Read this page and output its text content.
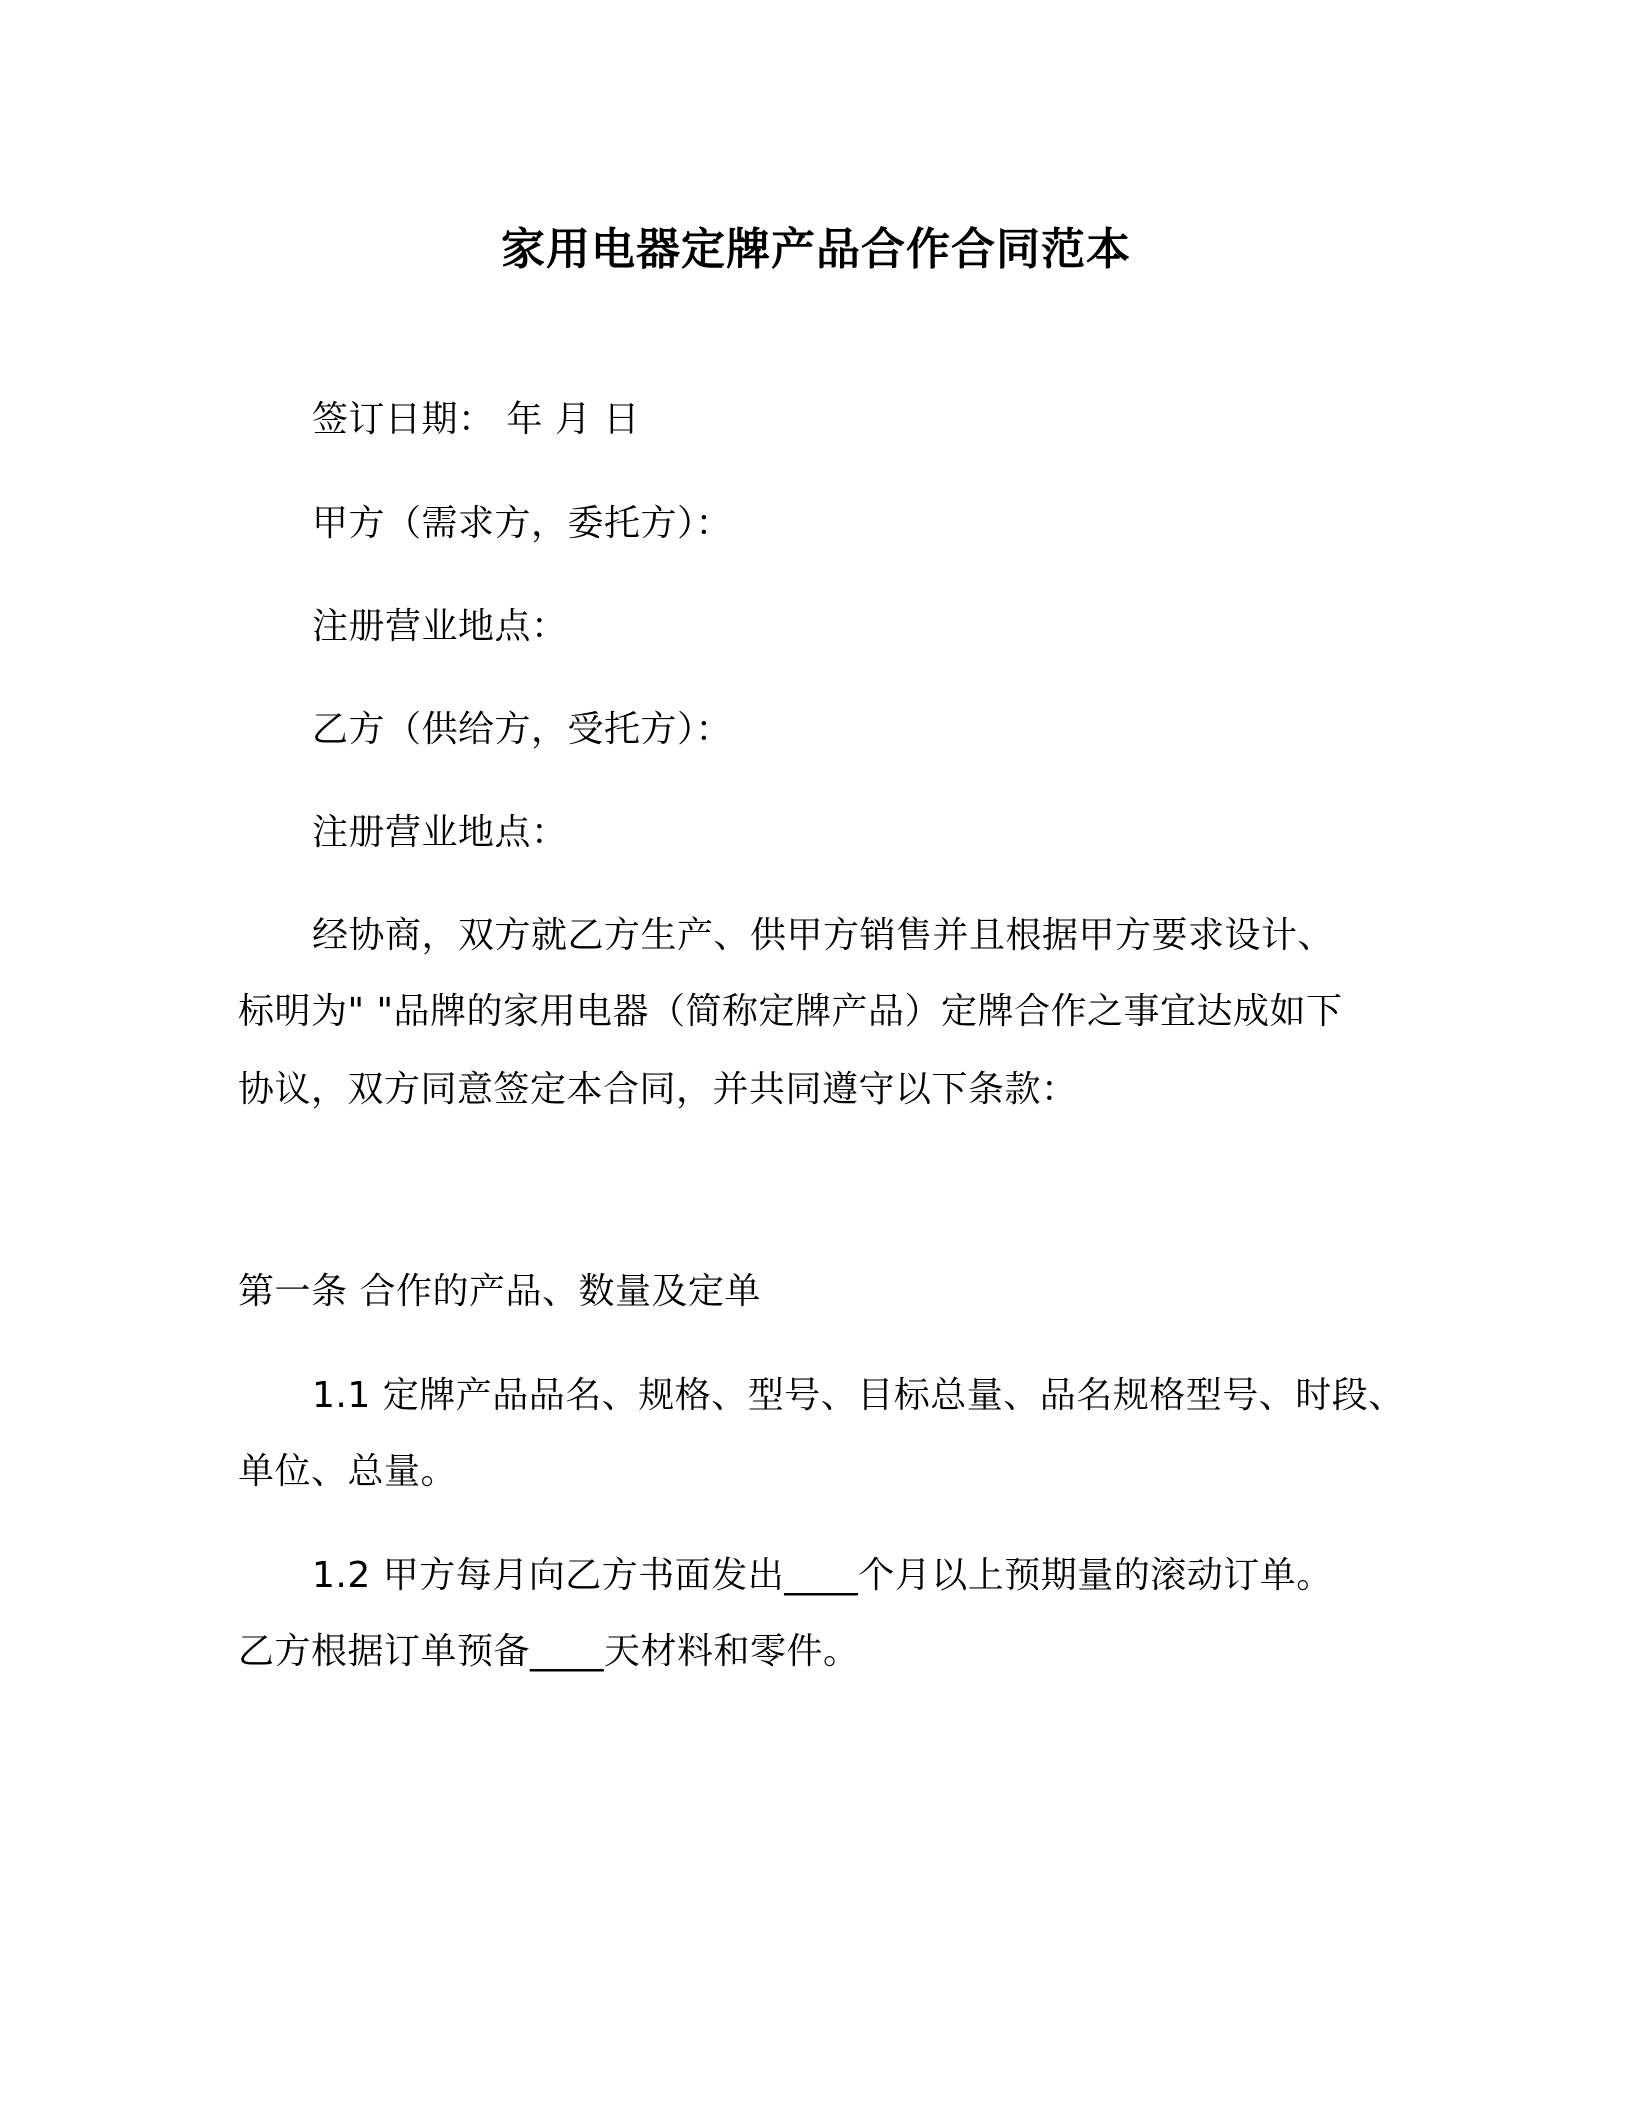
家用电器定牌产品合作合同范本
签订日期： 年 月 日
甲方（需求方，委托方）：
注册营业地点：
乙方（供给方，受托方）：
注册营业地点：
经协商，双方就乙方生产、供甲方销售并且根据甲方要求设计、
标明为" "品牌的家用电器（简称定牌产品）定牌合作之事宜达成如下
协议，双方同意签定本合同，并共同遵守以下条款：
第一条 合作的产品、数量及定单
1.1 定牌产品品名、规格、型号、目标总量、品名规格型号、时段、
单位、总量。
1.2 甲方每月向乙方书面发出____个月以上预期量的滚动订单。
乙方根据订单预备____天材料和零件。
